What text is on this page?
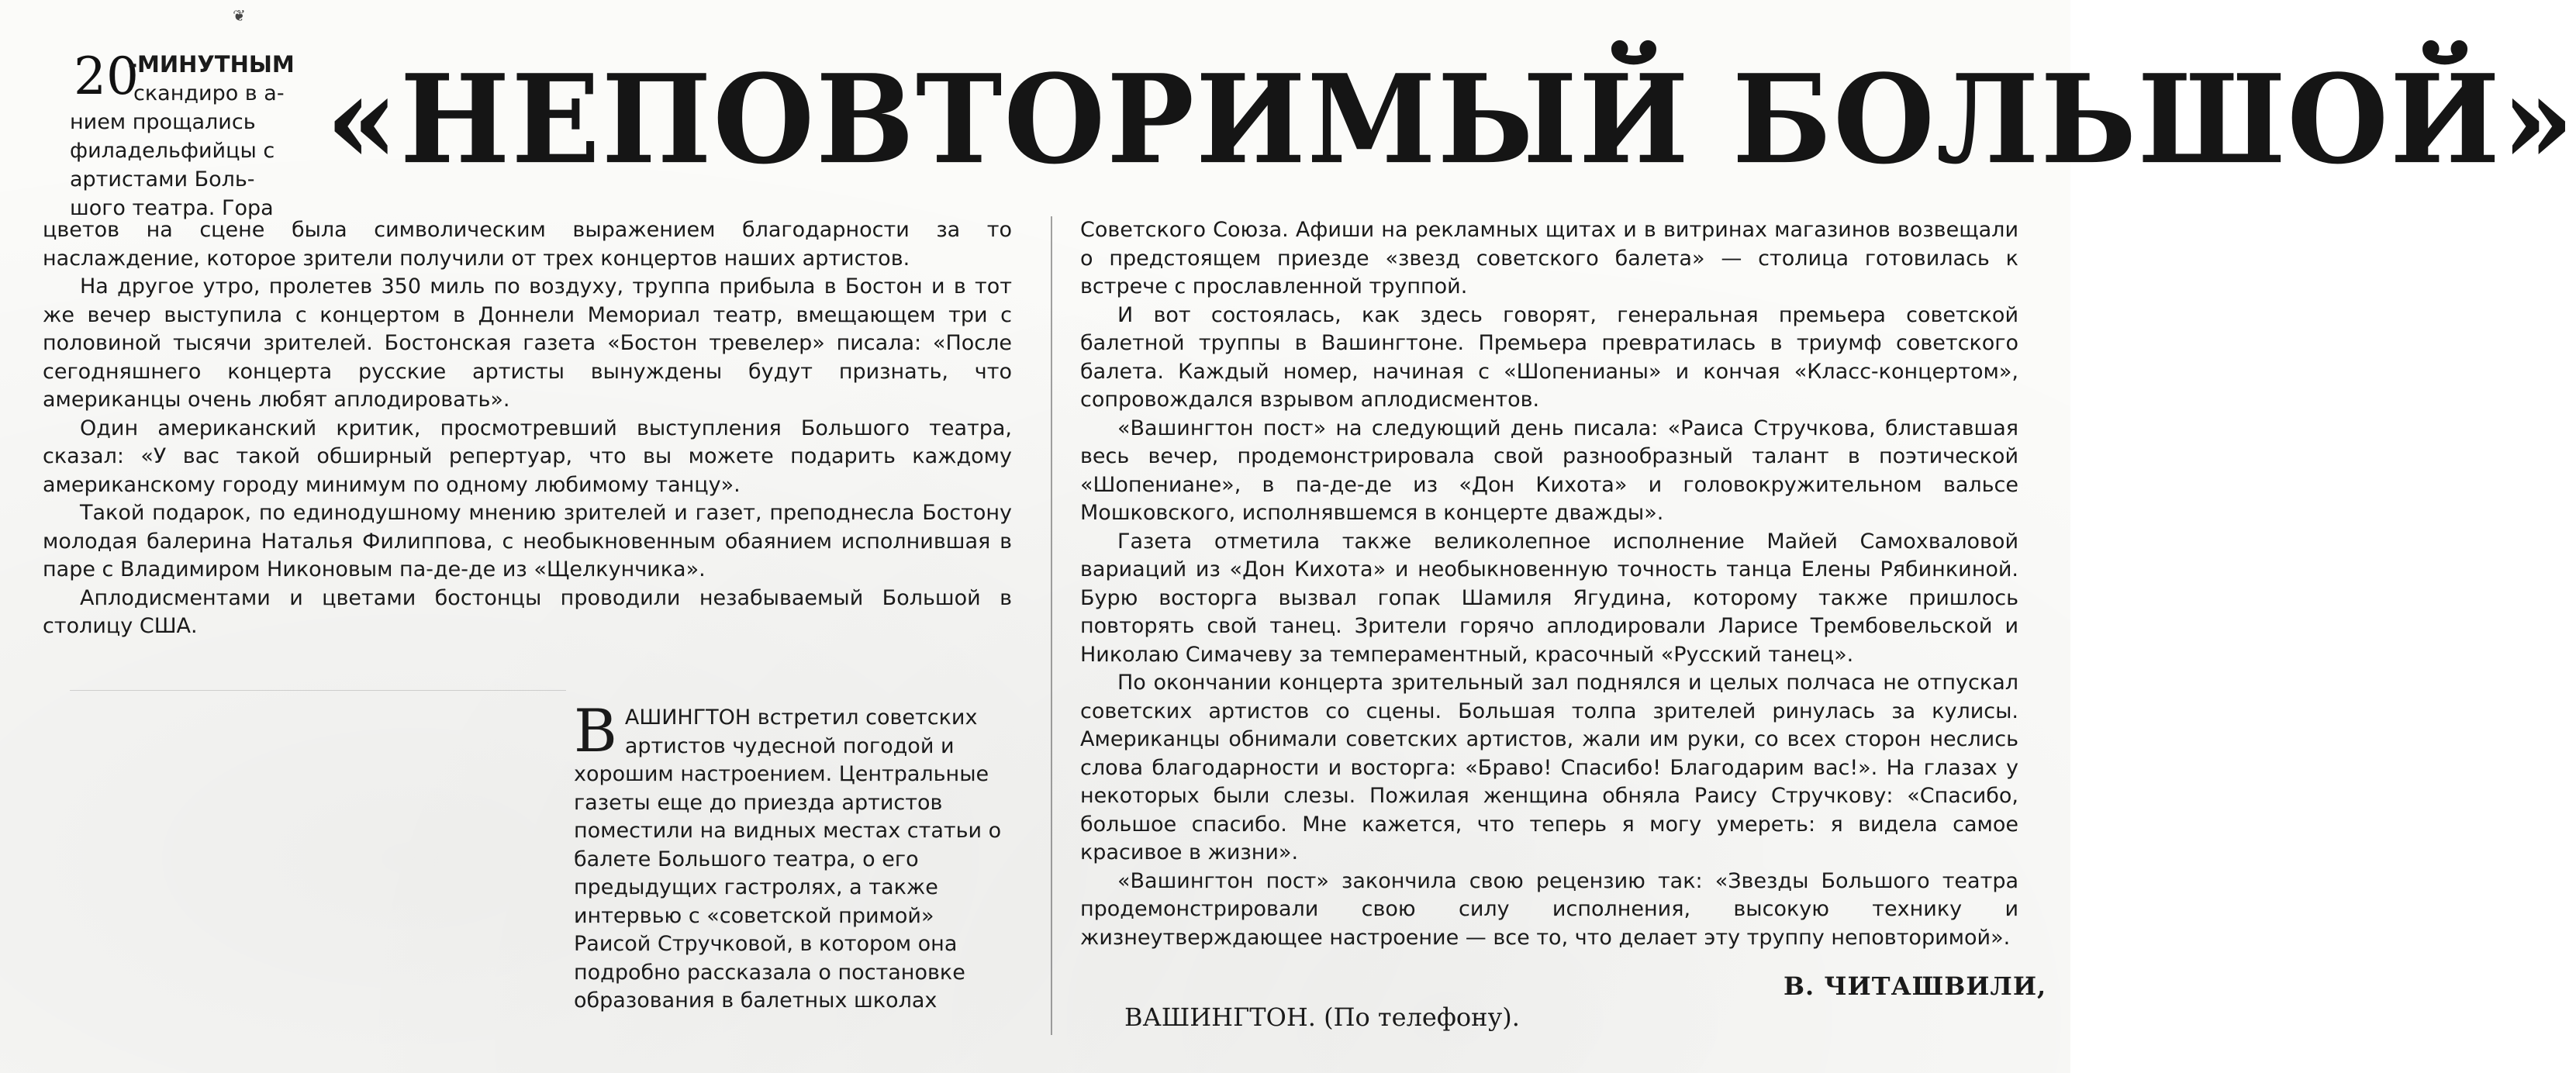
❦
«НЕПОВТОРИМЫЙ БОЛЬШОЙ»
20
-МИНУТНЫМ
скандиро в а-
нием прощались
филадельфийцы с
артистами Боль-
шого театра. Гора

цветов на сцене была символическим выражением благодарности за то наслаждение, которое зрители получили от трех концертов наших артистов.

На другое утро, пролетев 350 миль по воздуху, труппа прибыла в Бостон и в тот же вечер выступила с концертом в Доннели Мемориал театр, вмещающем три с половиной тысячи зрителей. Бостонская газета «Бостон тревелер» писала: «После сегодняшнего концерта русские артисты вынуждены будут признать, что американцы очень любят аплодировать».

Один американский критик, просмотревший выступления Большого театра, сказал: «У вас такой обширный репертуар, что вы можете подарить каждому американскому городу минимум по одному любимому танцу».

Такой подарок, по единодушному мнению зрителей и газет, преподнесла Бостону молодая балерина Наталья Филиппова, с необыкновенным обаянием исполнившая в паре с Владимиром Никоновым па-де-де из «Щелкунчика».

Аплодисментами и цветами бостонцы проводили незабываемый Большой в столицу США.

ВАШИНГТОН встретил советских артистов чудесной погодой и хорошим настроением. Центральные газеты еще до приезда артистов поместили на видных местах статьи о балете Большого театра, о его предыдущих гастролях, а также интервью с «советской примой» Раисой Стручковой, в котором она подробно рассказала о постановке образования в балетных школах

Советского Союза. Афиши на рекламных щитах и в витринах магазинов возвещали о предстоящем приезде «звезд советского балета» — столица готовилась к встрече с прославленной труппой.

И вот состоялась, как здесь говорят, генеральная премьера советской балетной труппы в Вашингтоне. Премьера превратилась в триумф советского балета. Каждый номер, начиная с «Шопенианы» и кончая «Класс-концертом», сопровождался взрывом аплодисментов.

«Вашингтон пост» на следующий день писала: «Раиса Стручкова, блиставшая весь вечер, продемонстрировала свой разнообразный талант в поэтической «Шопениане», в па-де-де из «Дон Кихота» и головокружительном вальсе Мошковского, исполнявшемся в концерте дважды».

Газета отметила также великолепное исполнение Майей Самохваловой вариаций из «Дон Кихота» и необыкновенную точность танца Елены Рябинкиной. Бурю восторга вызвал гопак Шамиля Ягудина, которому также пришлось повторять свой танец. Зрители горячо аплодировали Ларисе Трембовельской и Николаю Симачеву за темпераментный, красочный «Русский танец».

По окончании концерта зрительный зал поднялся и целых полчаса не отпускал советских артистов со сцены. Большая толпа зрителей ринулась за кулисы. Американцы обнимали советских артистов, жали им руки, со всех сторон неслись слова благодарности и восторга: «Браво! Спасибо! Благодарим вас!». На глазах у некоторых были слезы. Пожилая женщина обняла Раису Стручкову: «Спасибо, большое спасибо. Мне кажется, что теперь я могу умереть: я видела самое красивое в жизни».

«Вашингтон пост» закончила свою рецензию так: «Звезды Большого театра продемонстрировали свою силу исполнения, высокую технику и жизнеутверждающее настроение — все то, что делает эту труппу неповторимой».

В. ЧИТАШВИЛИ,
ВАШИНГТОН. (По телефону).
